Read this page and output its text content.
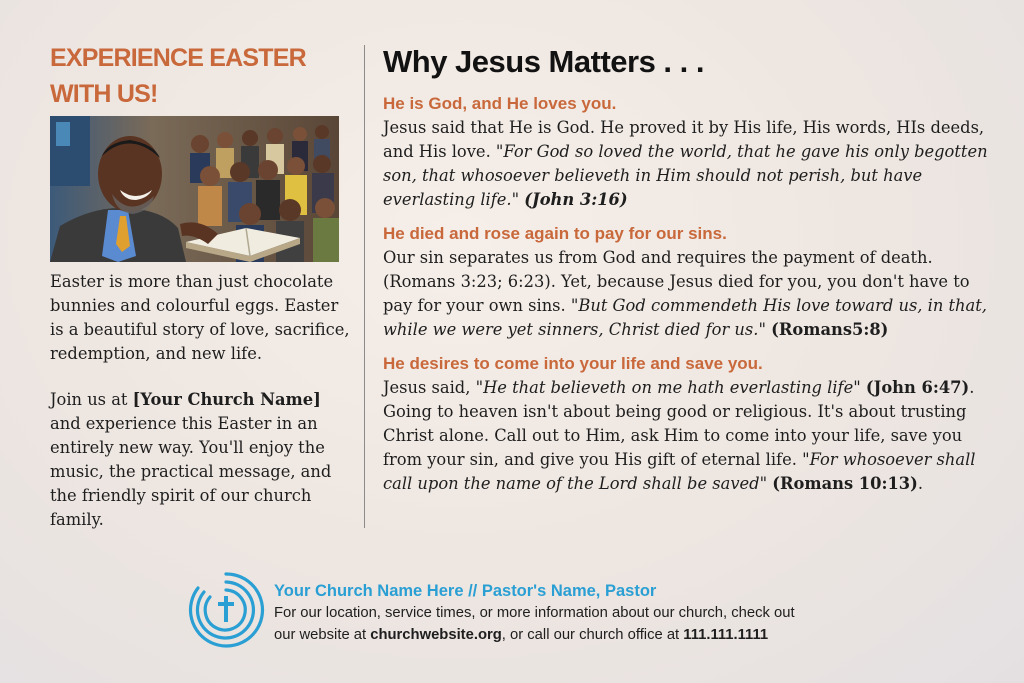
EXPERIENCE EASTER
WITH US!

Easter is more than just chocolate bunnies and colourful eggs. Easter is a beautiful story of love, sacrifice, redemption, and new life.

Join us at [Your Church Name] and experience this Easter in an entirely new way. You'll enjoy the music, the practical message, and the friendly spirit of our church family.

Why Jesus Matters . . .
He is God, and He loves you.
Jesus said that He is God. He proved it by His life, His words, HIs deeds, and His love. "For God so loved the world, that he gave his only begotten son, that whosoever believeth in Him should not perish, but have everlasting life." (John 3:16)
He died and rose again to pay for our sins.
Our sin separates us from God and requires the payment of death. (Romans 3:23; 6:23). Yet, because Jesus died for you, you don't have to pay for your own sins. "But God commendeth His love toward us, in that, while we were yet sinners, Christ died for us." (Romans5:8)
He desires to come into your life and save you.
Jesus said, "He that believeth on me hath everlasting life" (John 6:47). Going to heaven isn't about being good or religious. It's about trusting Christ alone. Call out to Him, ask Him to come into your life, save you from your sin, and give you His gift of eternal life. "For whosoever shall call upon the name of the Lord shall be saved" (Romans 10:13).
Your Church Name Here // Pastor's Name, Pastor
For our location, service times, or more information about our church, check out
our website at churchwebsite.org, or call our church office at 111.111.1111
